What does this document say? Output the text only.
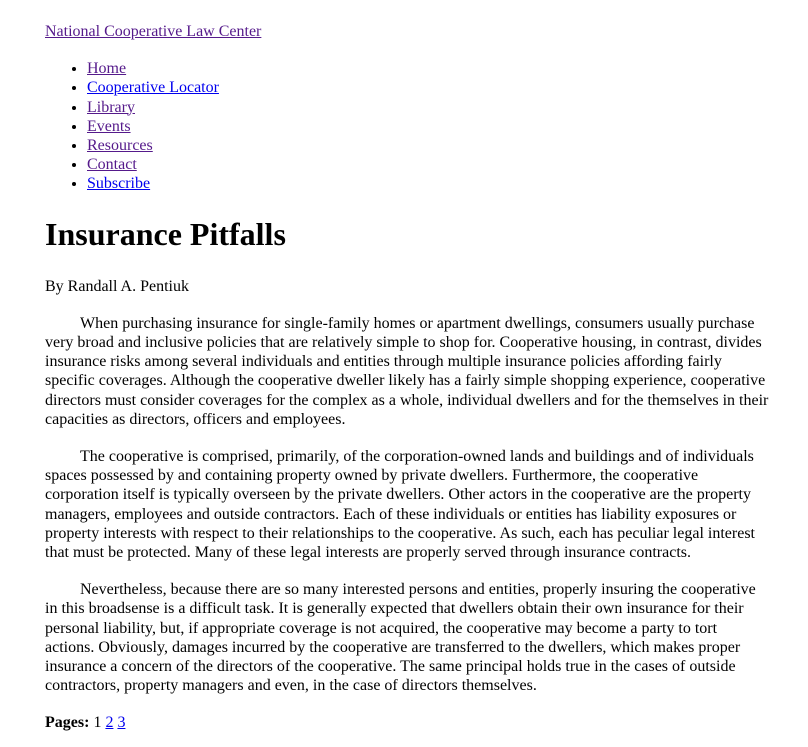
National Cooperative Law Center
• Home
• Cooperative Locator
• Library
• Events
• Resources
• Contact
• Subscribe
Insurance Pitfalls

By Randall A. Pentiuk

When purchasing insurance for single-family homes or apartment dwellings, consumers usually purchase
very broad and inclusive policies that are relatively simple to shop for. Cooperative housing, in contrast, divides
insurance risks among several individuals and entities through multiple insurance policies affording fairly
specific coverages. Although the cooperative dweller likely has a fairly simple shopping experience, cooperative
directors must consider coverages for the complex as a whole, individual dwellers and for the themselves in their
capacities as directors, officers and employees.
The cooperative is comprised, primarily, of the corporation-owned lands and buildings and of individuals
spaces possessed by and containing property owned by private dwellers. Furthermore, the cooperative
corporation itself is typically overseen by the private dwellers. Other actors in the cooperative are the property
managers, employees and outside contractors. Each of these individuals or entities has liability exposures or
property interests with respect to their relationships to the cooperative. As such, each has peculiar legal interest
that must be protected. Many of these legal interests are properly served through insurance contracts.
Nevertheless, because there are so many interested persons and entities, properly insuring the cooperative
in this broadsense is a difficult task. It is generally expected that dwellers obtain their own insurance for their
personal liability, but, if appropriate coverage is not acquired, the cooperative may become a party to tort
actions. Obviously, damages incurred by the cooperative are transferred to the dwellers, which makes proper
insurance a concern of the directors of the cooperative. The same principal holds true in the cases of outside
contractors, property managers and even, in the case of directors themselves.

Pages: 1 2 3
